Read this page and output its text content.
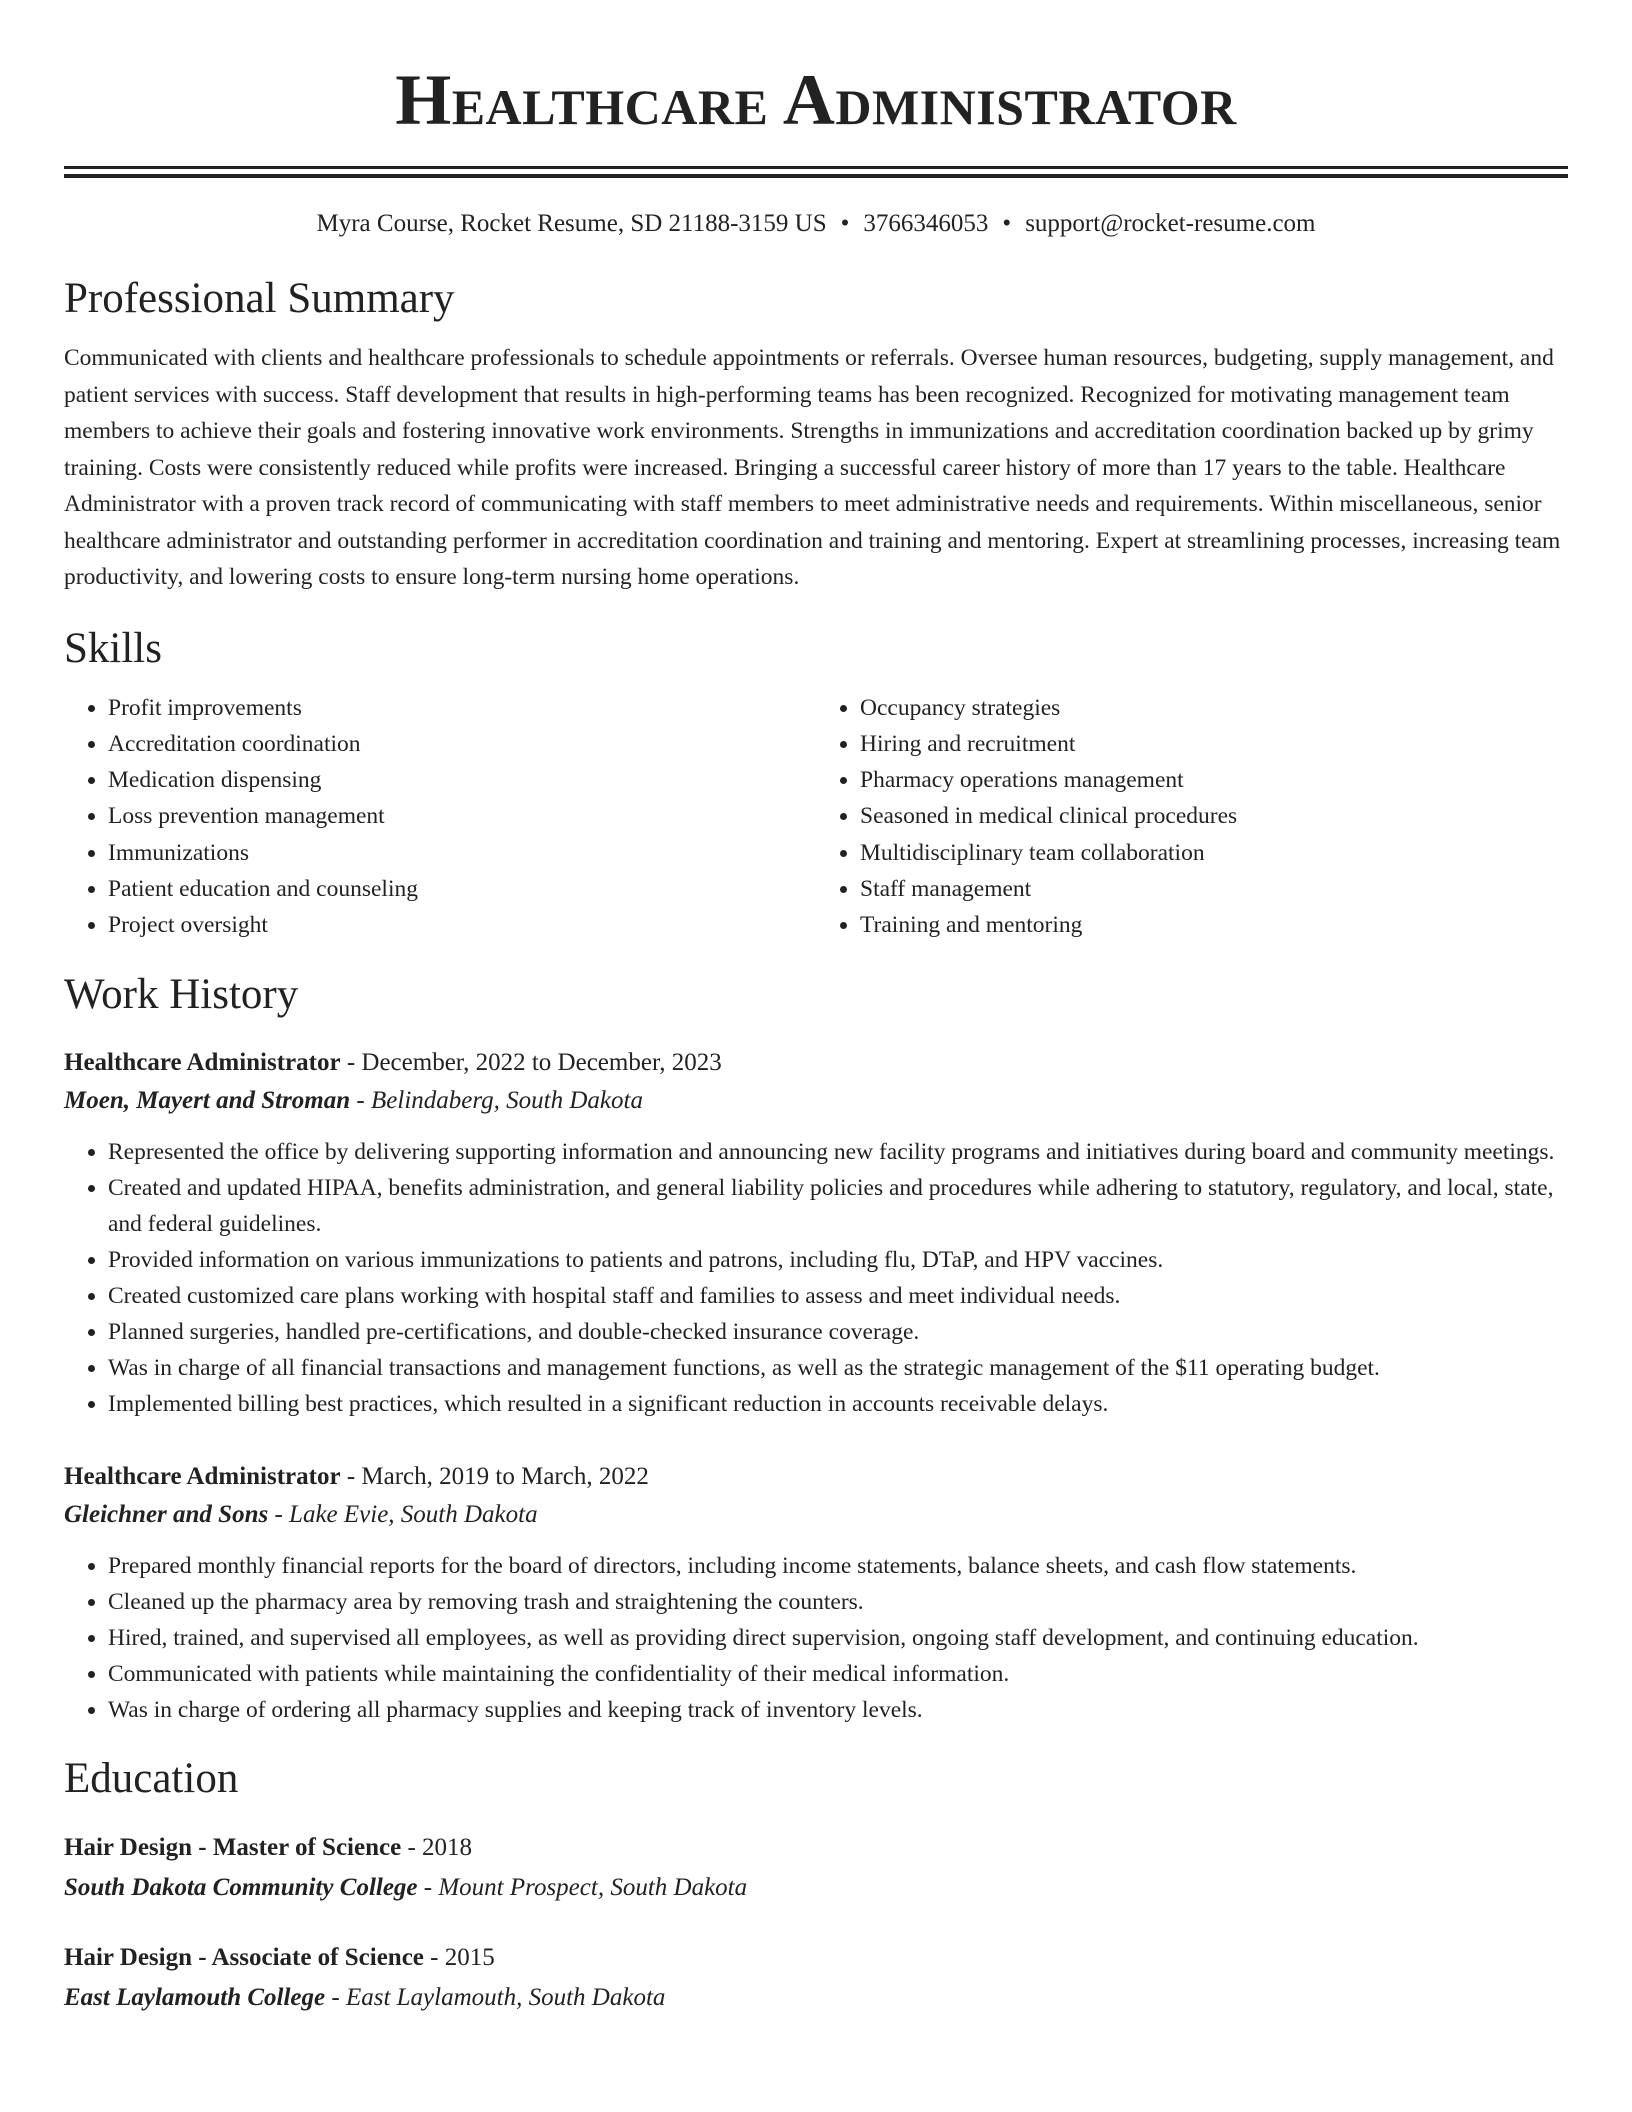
Healthcare Administrator
Myra Course, Rocket Resume, SD 21188-3159 US • 3766346053 • support@rocket-resume.com
Professional Summary

Communicated with clients and healthcare professionals to schedule appointments or referrals. Oversee human resources, budgeting, supply management, and patient services with success. Staff development that results in high-performing teams has been recognized. Recognized for motivating management team members to achieve their goals and fostering innovative work environments. Strengths in immunizations and accreditation coordination backed up by grimy training. Costs were consistently reduced while profits were increased. Bringing a successful career history of more than 17 years to the table. Healthcare Administrator with a proven track record of communicating with staff members to meet administrative needs and requirements. Within miscellaneous, senior healthcare administrator and outstanding performer in accreditation coordination and training and mentoring. Expert at streamlining processes, increasing team productivity, and lowering costs to ensure long-term nursing home operations.

Skills
• Profit improvements
• Accreditation coordination
• Medication dispensing
• Loss prevention management
• Immunizations
• Patient education and counseling
• Project oversight
• Occupancy strategies
• Hiring and recruitment
• Pharmacy operations management
• Seasoned in medical clinical procedures
• Multidisciplinary team collaboration
• Staff management
• Training and mentoring
Work History
Healthcare Administrator - December, 2022 to December, 2023
Moen, Mayert and Stroman - Belindaberg, South Dakota
• Represented the office by delivering supporting information and announcing new facility programs and initiatives during board and community meetings.
• Created and updated HIPAA, benefits administration, and general liability policies and procedures while adhering to statutory, regulatory, and local, state, and federal guidelines.
• Provided information on various immunizations to patients and patrons, including flu, DTaP, and HPV vaccines.
• Created customized care plans working with hospital staff and families to assess and meet individual needs.
• Planned surgeries, handled pre-certifications, and double-checked insurance coverage.
• Was in charge of all financial transactions and management functions, as well as the strategic management of the $11 operating budget.
• Implemented billing best practices, which resulted in a significant reduction in accounts receivable delays.
Healthcare Administrator - March, 2019 to March, 2022
Gleichner and Sons - Lake Evie, South Dakota
• Prepared monthly financial reports for the board of directors, including income statements, balance sheets, and cash flow statements.
• Cleaned up the pharmacy area by removing trash and straightening the counters.
• Hired, trained, and supervised all employees, as well as providing direct supervision, ongoing staff development, and continuing education.
• Communicated with patients while maintaining the confidentiality of their medical information.
• Was in charge of ordering all pharmacy supplies and keeping track of inventory levels.
Education
Hair Design - Master of Science - 2018
South Dakota Community College - Mount Prospect, South Dakota
Hair Design - Associate of Science - 2015
East Laylamouth College - East Laylamouth, South Dakota
